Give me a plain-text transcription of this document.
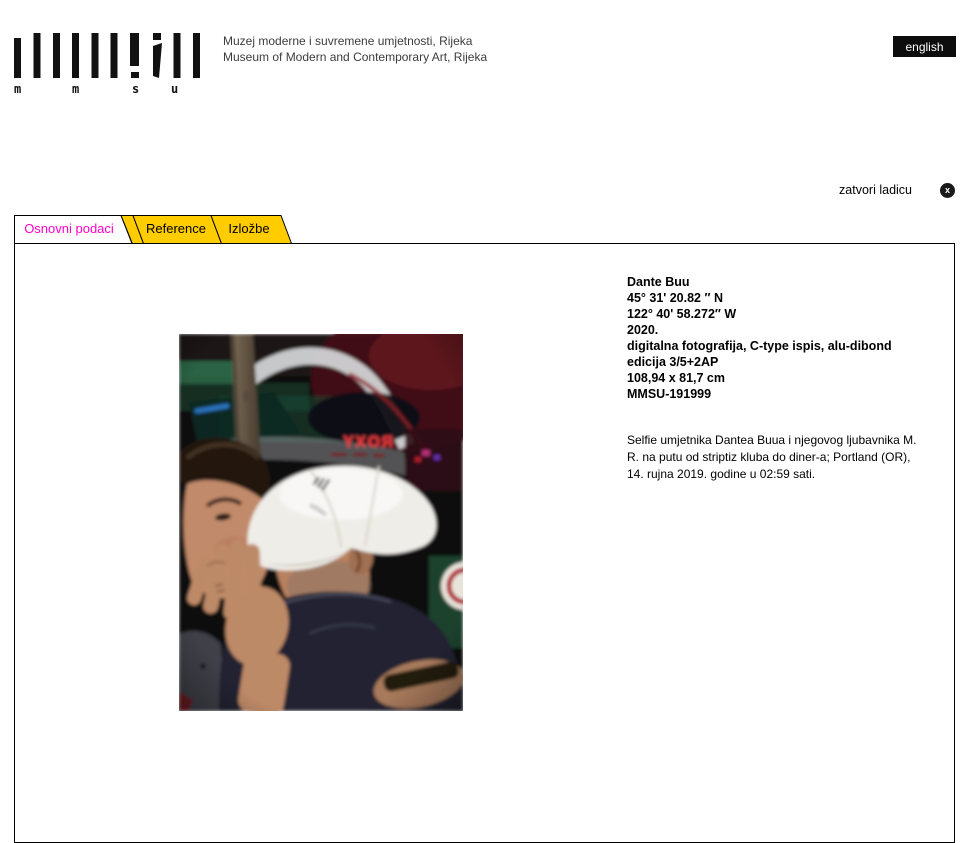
m	m	s	u
Muzej moderne i suvremene umjetnosti, Rijeka
Museum of Modern and Contemporary Art, Rijeka
english
zatvori ladicu	x
Osnovni podaci	Reference	Izložbe
Dante Buu
45° 31' 20.82 ″ N
122° 40' 58.272″ W
2020.
digitalna fotografija, C-type ispis, alu-dibond
edicija 3/5+2AP
108,94 x 81,7 cm
MMSU-191999
Selfie umjetnika Dantea Buua i njegovog ljubavnika M.
R. na putu od striptiz kluba do diner-a; Portland (OR),
14. rujna 2019. godine u 02:59 sati.
